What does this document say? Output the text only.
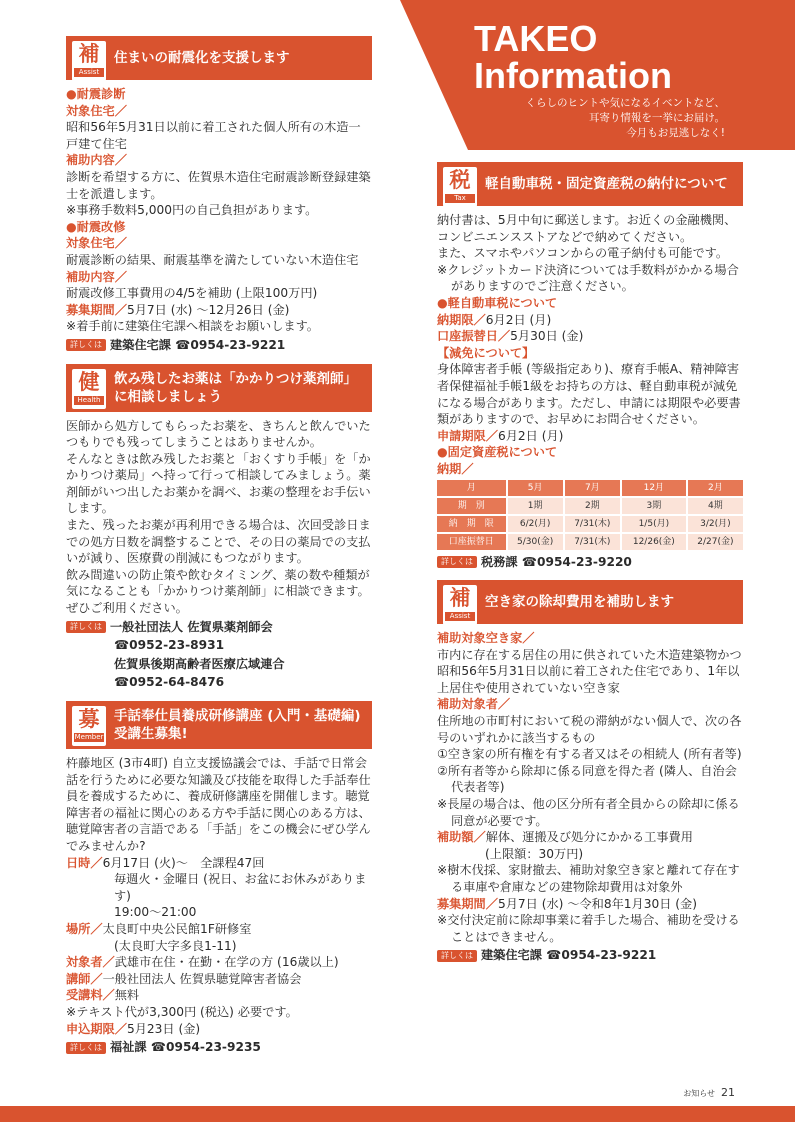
TAKEO
Information
くらしのヒントや気になるイベントなど、
耳寄り情報を一挙にお届け。
今月もお見逃しなく!
補
Assist
住まいの耐震化を支援します
●耐震診断
対象住宅／
昭和56年5月31日以前に着工された個人所有の木造一戸建て住宅
補助内容／
診断を希望する方に、佐賀県木造住宅耐震診断登録建築士を派遣します。
※事務手数料5,000円の自己負担があります。
●耐震改修
対象住宅／
耐震診断の結果、耐震基準を満たしていない木造住宅
補助内容／
耐震改修工事費用の4/5を補助 (上限100万円)
募集期間／5月7日 (水) ～12月26日 (金)
※着手前に建築住宅課へ相談をお願いします。
詳しくは 建築住宅課 ☎0954-23-9221
健
Health
飲み残したお薬は「かかりつけ薬剤師」に相談しましょう
医師から処方してもらったお薬を、きちんと飲んでいたつもりでも残ってしまうことはありませんか。
そんなときは飲み残したお薬と「おくすり手帳」を「かかりつけ薬局」へ持って行って相談してみましょう。薬剤師がいつ出したお薬かを調べ、お薬の整理をお手伝いします。
また、残ったお薬が再利用できる場合は、次回受診日までの処方日数を調整することで、その日の薬局での支払いが減り、医療費の削減にもつながります。
飲み間違いの防止策や飲むタイミング、薬の数や種類が気になることも「かかりつけ薬剤師」に相談できます。ぜひご利用ください。
詳しくは 一般社団法人 佐賀県薬剤師会
☎0952-23-8931
佐賀県後期高齢者医療広域連合
☎0952-64-8476
募
Member
手話奉仕員養成研修講座 (入門・基礎編) 受講生募集!
杵藤地区 (3市4町) 自立支援協議会では、手話で日常会話を行うために必要な知識及び技能を取得した手話奉仕員を養成するために、養成研修講座を開催します。聴覚障害者の福祉に関心のある方や手話に関心のある方は、聴覚障害者の言語である「手話」をこの機会にぜひ学んでみませんか?
日時／6月17日 (火)～　全課程47回
毎週火・金曜日 (祝日、お盆にお休みがあります)
19:00～21:00
場所／太良町中央公民館1F研修室
(太良町大字多良1-11)
対象者／武雄市在住・在勤・在学の方 (16歳以上)
講師／一般社団法人 佐賀県聴覚障害者協会
受講料／無料
※テキスト代が3,300円 (税込) 必要です。
申込期限／5月23日 (金)
詳しくは 福祉課 ☎0954-23-9235
税
Tax
軽自動車税・固定資産税の納付について
納付書は、5月中旬に郵送します。お近くの金融機関、コンビニエンスストアなどで納めてください。
また、スマホやパソコンからの電子納付も可能です。
※クレジットカード決済については手数料がかかる場合がありますのでご注意ください。
●軽自動車税について
納期限／6月2日 (月)
口座振替日／5月30日 (金)
【減免について】
身体障害者手帳 (等級指定あり)、療育手帳A、精神障害者保健福祉手帳1級をお持ちの方は、軽自動車税が減免になる場合があります。ただし、申請には期限や必要書類がありますので、お早めにお問合せください。
申請期限／6月2日 (月)
●固定資産税について
納期／
月	5月	7月	12月	2月
期　別	1期	2期	3期	4期
納　期　限	6/2(月)	7/31(木)	1/5(月)	3/2(月)
口座振替日	5/30(金)	7/31(木)	12/26(金)	2/27(金)
詳しくは 税務課 ☎0954-23-9220
補
Assist
空き家の除却費用を補助します
補助対象空き家／
市内に存在する居住の用に供されていた木造建築物かつ昭和56年5月31日以前に着工された住宅であり、1年以上居住や使用されていない空き家
補助対象者／
住所地の市町村において税の滞納がない個人で、次の各号のいずれかに該当するもの
①空き家の所有権を有する者又はその相続人 (所有者等)
②所有者等から除却に係る同意を得た者 (隣人、自治会代表者等)
※長屋の場合は、他の区分所有者全員からの除却に係る同意が必要です。
補助額／解体、運搬及び処分にかかる工事費用
(上限額：30万円)
※樹木伐採、家財撤去、補助対象空き家と離れて存在する車庫や倉庫などの建物除却費用は対象外
募集期間／5月7日 (水) ～令和8年1月30日 (金)
※交付決定前に除却事業に着手した場合、補助を受けることはできません。
詳しくは 建築住宅課 ☎0954-23-9221
お知らせ 21
